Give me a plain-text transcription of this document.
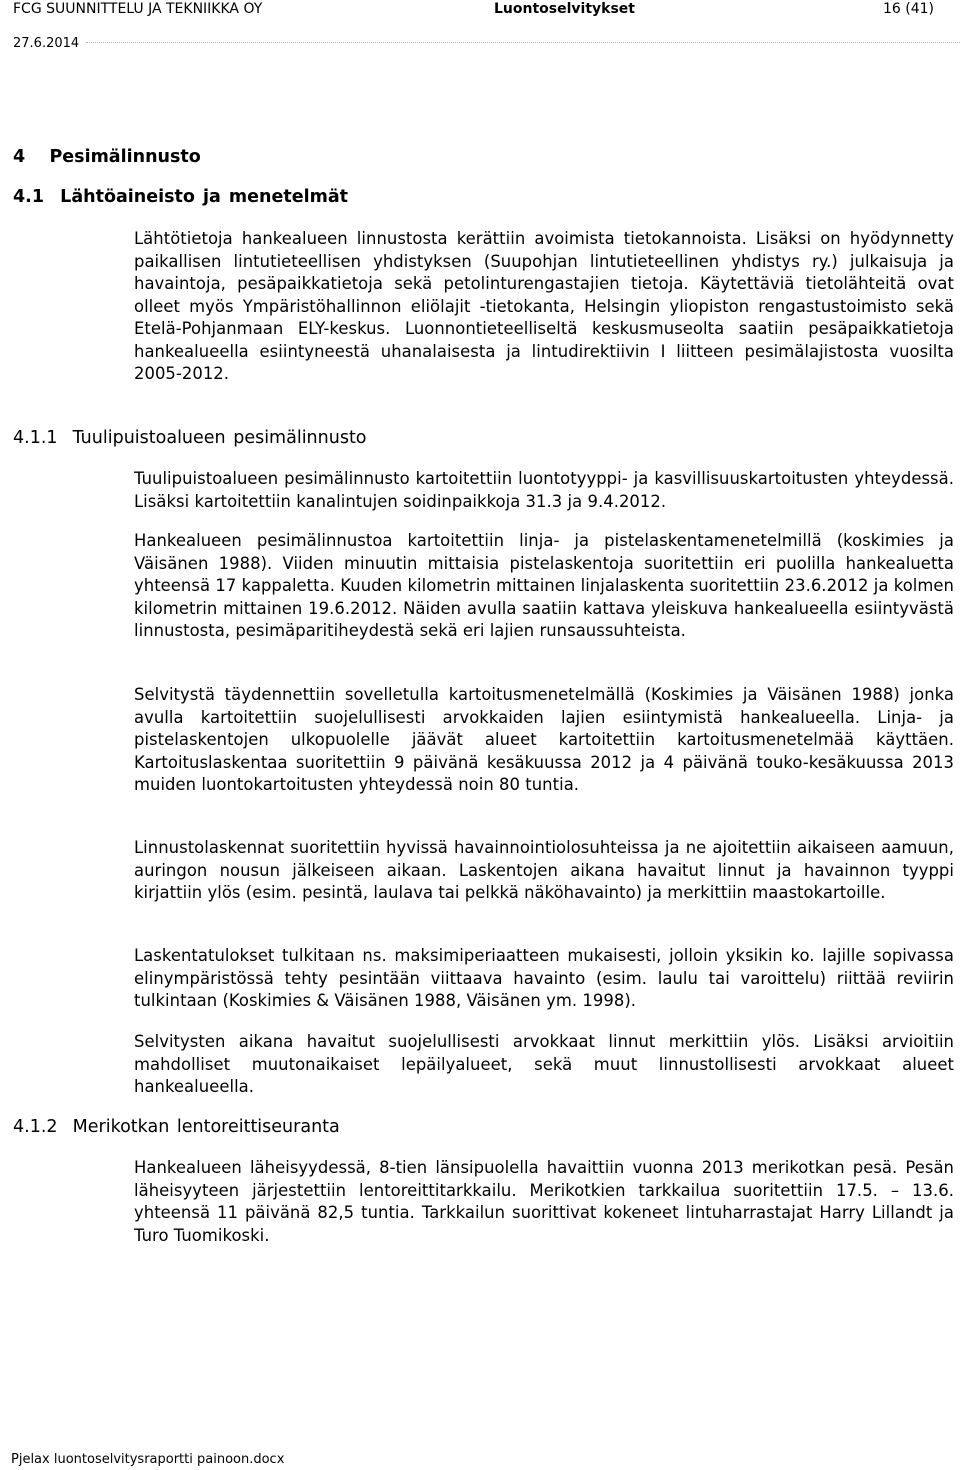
FCG SUUNNITTELU JA TEKNIIKKA OY	Luontoselvitykset	16 (41)
27.6.2014
4   Pesimälinnusto
4.1  Lähtöaineisto ja menetelmät

Lähtötietoja hankealueen linnustosta kerättiin avoimista tietokannoista. Lisäksi on hyödynnetty paikallisen lintutieteellisen yhdistyksen (Suupohjan lintutieteellinen yhdistys ry.) julkaisuja ja havaintoja, pesäpaikkatietoja sekä petolinturengastajien tietoja. Käytettäviä tietolähteitä ovat olleet myös Ympäristöhallinnon eliölajit -tietokanta, Helsingin yliopiston rengastustoimisto sekä Etelä-Pohjanmaan ELY-keskus. Luonnontieteelliseltä keskusmuseolta saatiin pesäpaikkatietoja hankealueella esiintyneestä uhanalaisesta ja lintudirektiivin I liitteen pesimälajistosta vuosilta 2005-2012.

4.1.1  Tuulipuistoalueen pesimälinnusto

Tuulipuistoalueen pesimälinnusto kartoitettiin luontotyyppi- ja kasvillisuuskartoitusten yhteydessä. Lisäksi kartoitettiin kanalintujen soidinpaikkoja 31.3 ja 9.4.2012.

Hankealueen pesimälinnustoa kartoitettiin linja- ja pistelaskentamenetelmillä (koskimies ja Väisänen 1988). Viiden minuutin mittaisia pistelaskentoja suoritettiin eri puolilla hankealuetta yhteensä 17 kappaletta. Kuuden kilometrin mittainen linjalaskenta suoritettiin 23.6.2012 ja kolmen kilometrin mittainen 19.6.2012. Näiden avulla saatiin kattava yleiskuva hankealueella esiintyvästä linnustosta, pesimäparitiheydestä sekä eri lajien runsaussuhteista.

Selvitystä täydennettiin sovelletulla kartoitusmenetelmällä (Koskimies ja Väisänen 1988) jonka avulla kartoitettiin suojelullisesti arvokkaiden lajien esiintymistä hankealueella. Linja- ja pistelaskentojen ulkopuolelle jäävät alueet kartoitettiin kartoitusmenetelmää käyttäen. Kartoituslaskentaa suoritettiin 9 päivänä kesäkuussa 2012 ja 4 päivänä touko-kesäkuussa 2013 muiden luontokartoitusten yhteydessä noin 80 tuntia.

Linnustolaskennat suoritettiin hyvissä havainnointiolosuhteissa ja ne ajoitettiin aikaiseen aamuun, auringon nousun jälkeiseen aikaan. Laskentojen aikana havaitut linnut ja havainnon tyyppi kirjattiin ylös (esim. pesintä, laulava tai pelkkä näköhavainto) ja merkittiin maastokartoille.

Laskentatulokset tulkitaan ns. maksimiperiaatteen mukaisesti, jolloin yksikin ko. lajille sopivassa elinympäristössä tehty pesintään viittaava havainto (esim. laulu tai varoittelu) riittää reviirin tulkintaan (Koskimies & Väisänen 1988, Väisänen ym. 1998).

Selvitysten aikana havaitut suojelullisesti arvokkaat linnut merkittiin ylös. Lisäksi arvioitiin mahdolliset muutonaikaiset lepäilyalueet, sekä muut linnustollisesti arvokkaat alueet hankealueella.

4.1.2  Merikotkan lentoreittiseuranta

Hankealueen läheisyydessä, 8-tien länsipuolella havaittiin vuonna 2013 merikotkan pesä. Pesän läheisyyteen järjestettiin lentoreittitarkkailu. Merikotkien tarkkailua suoritettiin 17.5. – 13.6. yhteensä 11 päivänä 82,5 tuntia. Tarkkailun suorittivat kokeneet lintuharrastajat Harry Lillandt ja Turo Tuomikoski.

Pjelax luontoselvitysraportti painoon.docx
